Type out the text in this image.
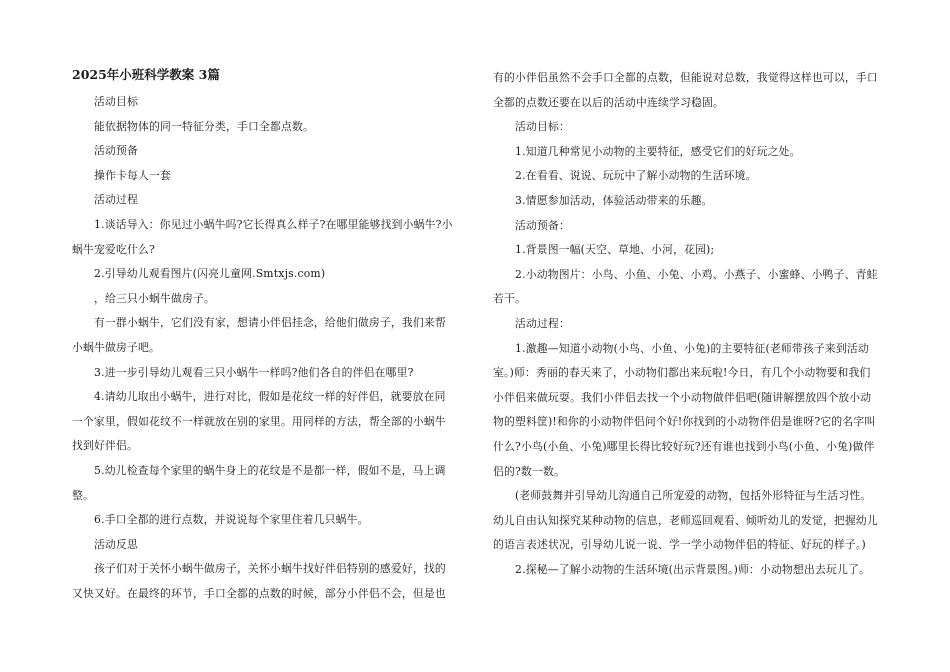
2025年小班科学教案 3篇

活动目标

能依据物体的同一特征分类，手口全都点数。

活动预备

操作卡每人一套

活动过程

1.谈话导入：你见过小蜗牛吗?它长得真么样子?在哪里能够找到小蜗牛?小蜗牛宠爱吃什么?

2.引导幼儿观看图片(闪亮儿童网.Smtxjs.com)

，给三只小蜗牛做房子。

有一群小蜗牛，它们没有家，想请小伴侣挂念，给他们做房子，我们来帮小蜗牛做房子吧。

3.进一步引导幼儿观看三只小蜗牛一样吗?他们各自的伴侣在哪里?

4.请幼儿取出小蜗牛，进行对比，假如是花纹一样的好伴侣，就要放在同一个家里，假如花纹不一样就放在别的家里。用同样的方法，帮全部的小蜗牛找到好伴侣。

5.幼儿检查每个家里的蜗牛身上的花纹是不是都一样，假如不是，马上调整。

6.手口全都的进行点数，并说说每个家里住着几只蜗牛。

活动反思

孩子们对于关怀小蜗牛做房子，关怀小蜗牛找好伴侣特别的感爱好，找的又快又好。在最终的环节，手口全都的点数的时候，部分小伴侣不会，但是也

有的小伴侣虽然不会手口全都的点数，但能说对总数，我觉得这样也可以，手口全都的点数还要在以后的活动中连续学习稳固。

活动目标：

1.知道几种常见小动物的主要特征，感受它们的好玩之处。

2.在看看、说说、玩玩中了解小动物的生活环境。

3.情愿参加活动，体验活动带来的乐趣。

活动预备：

1.背景图一幅(天空、草地、小河，花园);

2.小动物图片：小鸟、小鱼、小兔、小鸡、小燕子、小蜜蜂、小鸭子、青蛙若干。

活动过程：

1.激趣—知道小动物(小鸟、小鱼、小兔)的主要特征(老师带孩子来到活动室。)师：秀丽的春天来了，小动物们都出来玩啦!今日，有几个小动物要和我们小伴侣来做玩耍。我们小伴侣去找一个小动物做伴侣吧(随讲解摆放四个放小动物的塑料筐)!和你的小动物伴侣问个好!你找到的小动物伴侣是谁呀?它的名字叫什么?小鸟(小鱼、小兔)哪里长得比较好玩?还有谁也找到小鸟(小鱼、小兔)做伴侣的?数一数。

(老师鼓舞并引导幼儿沟通自己所宠爱的动物，包括外形特征与生活习性。幼儿自由认知探究某种动物的信息，老师巡回观看、倾听幼儿的发觉，把握幼儿的语言表述状况，引导幼儿说一说、学一学小动物伴侣的特征、好玩的样子。)

2.探秘—了解小动物的生活环境(出示背景图。)师：小动物想出去玩儿了。
